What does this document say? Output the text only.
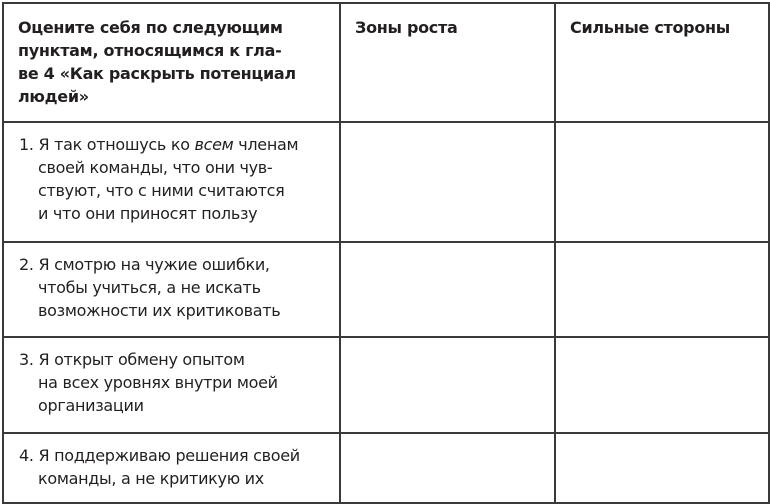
Оцените себя по следующим
пунктам, относящимся к гла-
ве 4 «Как раскрыть потенциал
людей»	Зоны роста	Сильные стороны

1. Я так отношусь ко всем членам
своей команды, что они чув-
ствуют, что с ними считаются
и что они приносят пользу		

2. Я смотрю на чужие ошибки,
чтобы учиться, а не искать
возможности их критиковать		

3. Я открыт обмену опытом
на всех уровнях внутри моей
организации		

4. Я поддерживаю решения своей
команды, а не критикую их		
